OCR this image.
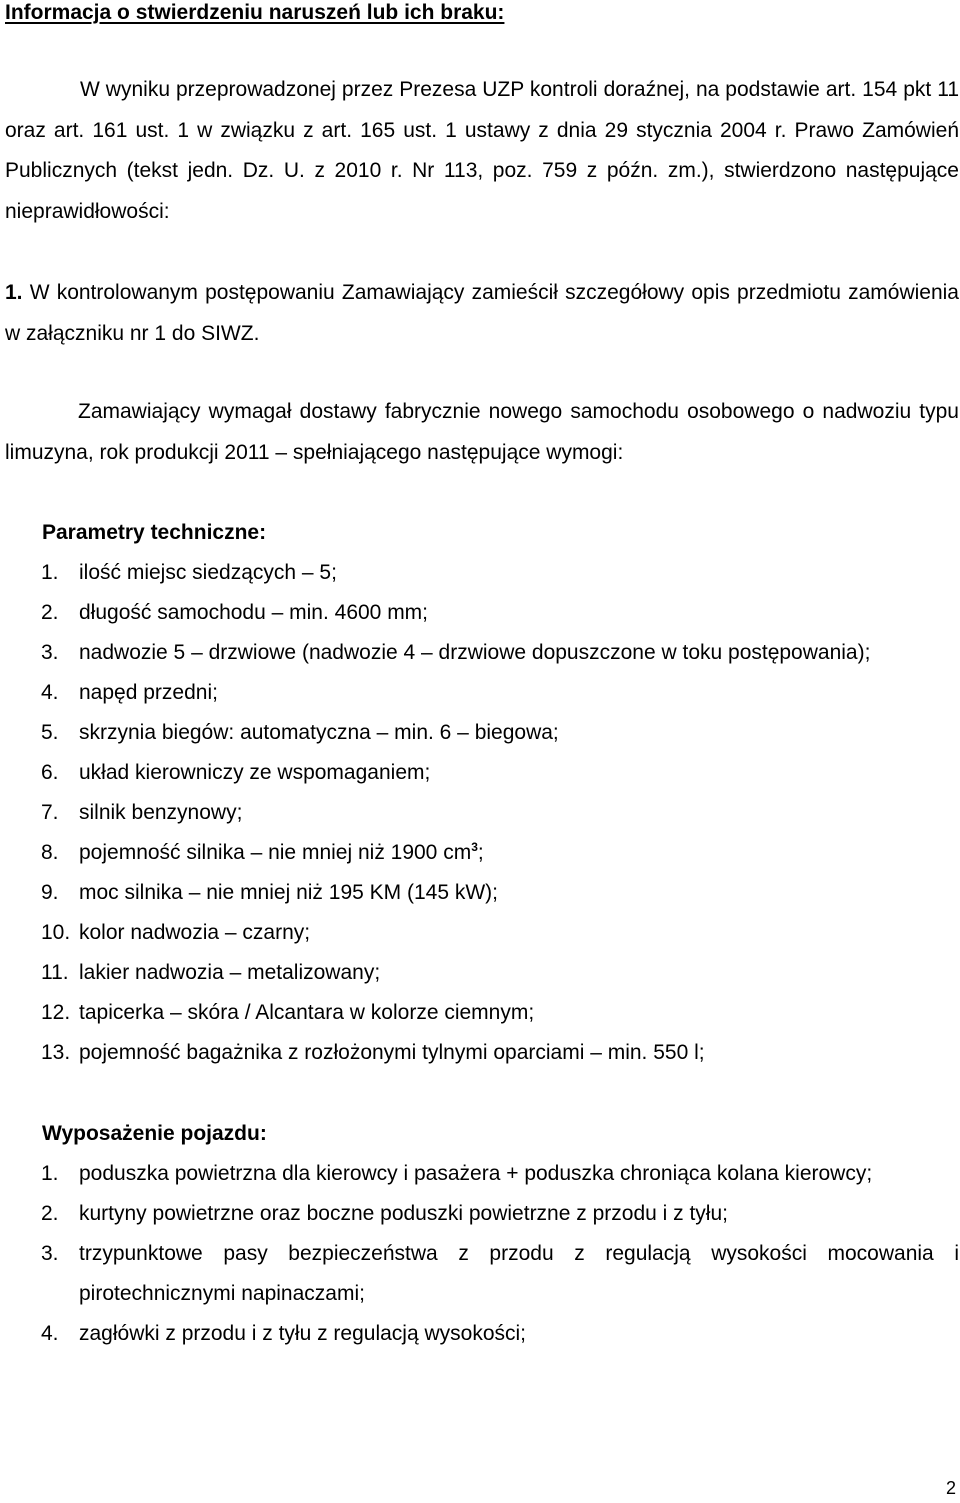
Informacja o stwierdzeniu naruszeń lub ich braku:
W wyniku przeprowadzonej przez Prezesa UZP kontroli doraźnej, na podstawie art. 154 pkt 11 oraz art. 161 ust. 1 w związku z art. 165 ust. 1 ustawy z dnia 29 stycznia 2004 r. Prawo Zamówień Publicznych (tekst jedn. Dz. U. z 2010 r. Nr 113, poz. 759 z późn. zm.), stwierdzono następujące nieprawidłowości:
1. W kontrolowanym postępowaniu Zamawiający zamieścił szczegółowy opis przedmiotu zamówienia w załączniku nr 1 do SIWZ.
Zamawiający wymagał dostawy fabrycznie nowego samochodu osobowego o nadwoziu typu limuzyna, rok produkcji 2011 – spełniającego następujące wymogi:
Parametry techniczne:
1. ilość miejsc siedzących – 5;
2. długość samochodu – min. 4600 mm;
3. nadwozie 5 – drzwiowe (nadwozie 4 – drzwiowe dopuszczone w toku postępowania);
4. napęd przedni;
5. skrzynia biegów: automatyczna – min. 6 – biegowa;
6. układ kierowniczy ze wspomaganiem;
7. silnik benzynowy;
8. pojemność silnika – nie mniej niż 1900 $cm^3$;
9. moc silnika – nie mniej niż 195 KM (145 kW);
10. kolor nadwozia – czarny;
11. lakier nadwozia – metalizowany;
12. tapicerka – skóra / Alcantara w kolorze ciemnym;
13. pojemność bagażnika z rozłożonymi tylnymi oparciami – min. 550 l;
Wyposażenie pojazdu:
1. poduszka powietrzna dla kierowcy i pasażera + poduszka chroniąca kolana kierowcy;
2. kurtyny powietrzne oraz boczne poduszki powietrzne z przodu i z tyłu;
3. trzypunktowe pasy bezpieczeństwa z przodu z regulacją wysokości mocowania i pirotechnicznymi napinaczami;
4. zagłówki z przodu i z tyłu z regulacją wysokości;
2
